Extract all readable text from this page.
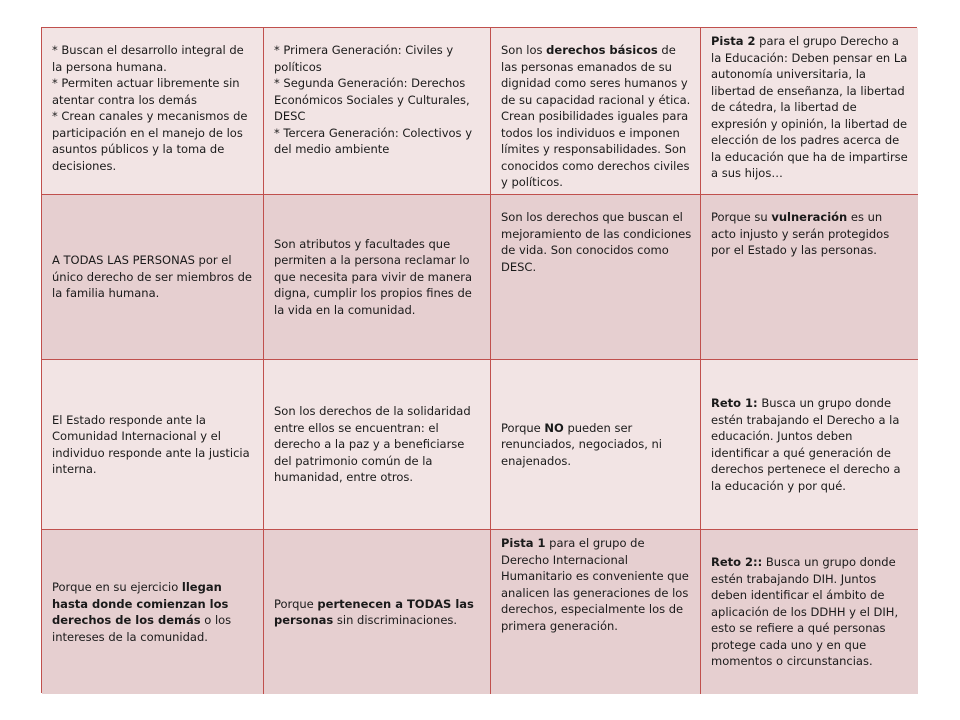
* Buscan el desarrollo integral de la persona humana.
* Permiten actuar libremente sin atentar contra los demás
* Crean canales y mecanismos de participación en el manejo de los asuntos públicos y la toma de decisiones.

* Primera Generación: Civiles y políticos
* Segunda Generación: Derechos Económicos Sociales y Culturales, DESC
* Tercera Generación: Colectivos y del medio ambiente

Son los derechos básicos de las personas emanados de su dignidad como seres humanos y de su capacidad racional y ética. Crean posibilidades iguales para todos los individuos e imponen límites y responsabilidades. Son conocidos como derechos civiles y políticos.

Pista 2 para el grupo Derecho a la Educación: Deben pensar en La autonomía universitaria, la libertad de enseñanza, la libertad de cátedra, la libertad de expresión y opinión, la libertad de elección de los padres acerca de la educación que ha de impartirse a sus hijos…

A TODAS LAS PERSONAS por el único derecho de ser miembros de la familia humana.

Son atributos y facultades que permiten a la persona reclamar lo que necesita para vivir de manera digna, cumplir los propios fines de la vida en la comunidad.

Son los derechos que buscan el mejoramiento de las condiciones de vida. Son conocidos como DESC.

Porque su vulneración es un acto injusto y serán protegidos por el Estado y las personas.

El Estado responde ante la Comunidad Internacional y el individuo responde ante la justicia interna.

Son los derechos de la solidaridad entre ellos se encuentran: el derecho a la paz y a beneficiarse del patrimonio común de la humanidad, entre otros.

Porque NO pueden ser renunciados, negociados, ni enajenados.

Reto 1: Busca un grupo donde estén trabajando el Derecho a la educación. Juntos deben identificar a qué generación de derechos pertenece el derecho a la educación y por qué.

Porque en su ejercicio llegan hasta donde comienzan los derechos de los demás o los intereses de la comunidad.

Porque pertenecen a TODAS las personas sin discriminaciones.

Pista 1 para el grupo de Derecho Internacional Humanitario es conveniente que analicen las generaciones de los derechos, especialmente los de primera generación.

Reto 2:: Busca un grupo donde estén trabajando DIH. Juntos deben identificar el ámbito de aplicación de los DDHH y el DIH, esto se refiere a qué personas protege cada uno y en que momentos o circunstancias.
